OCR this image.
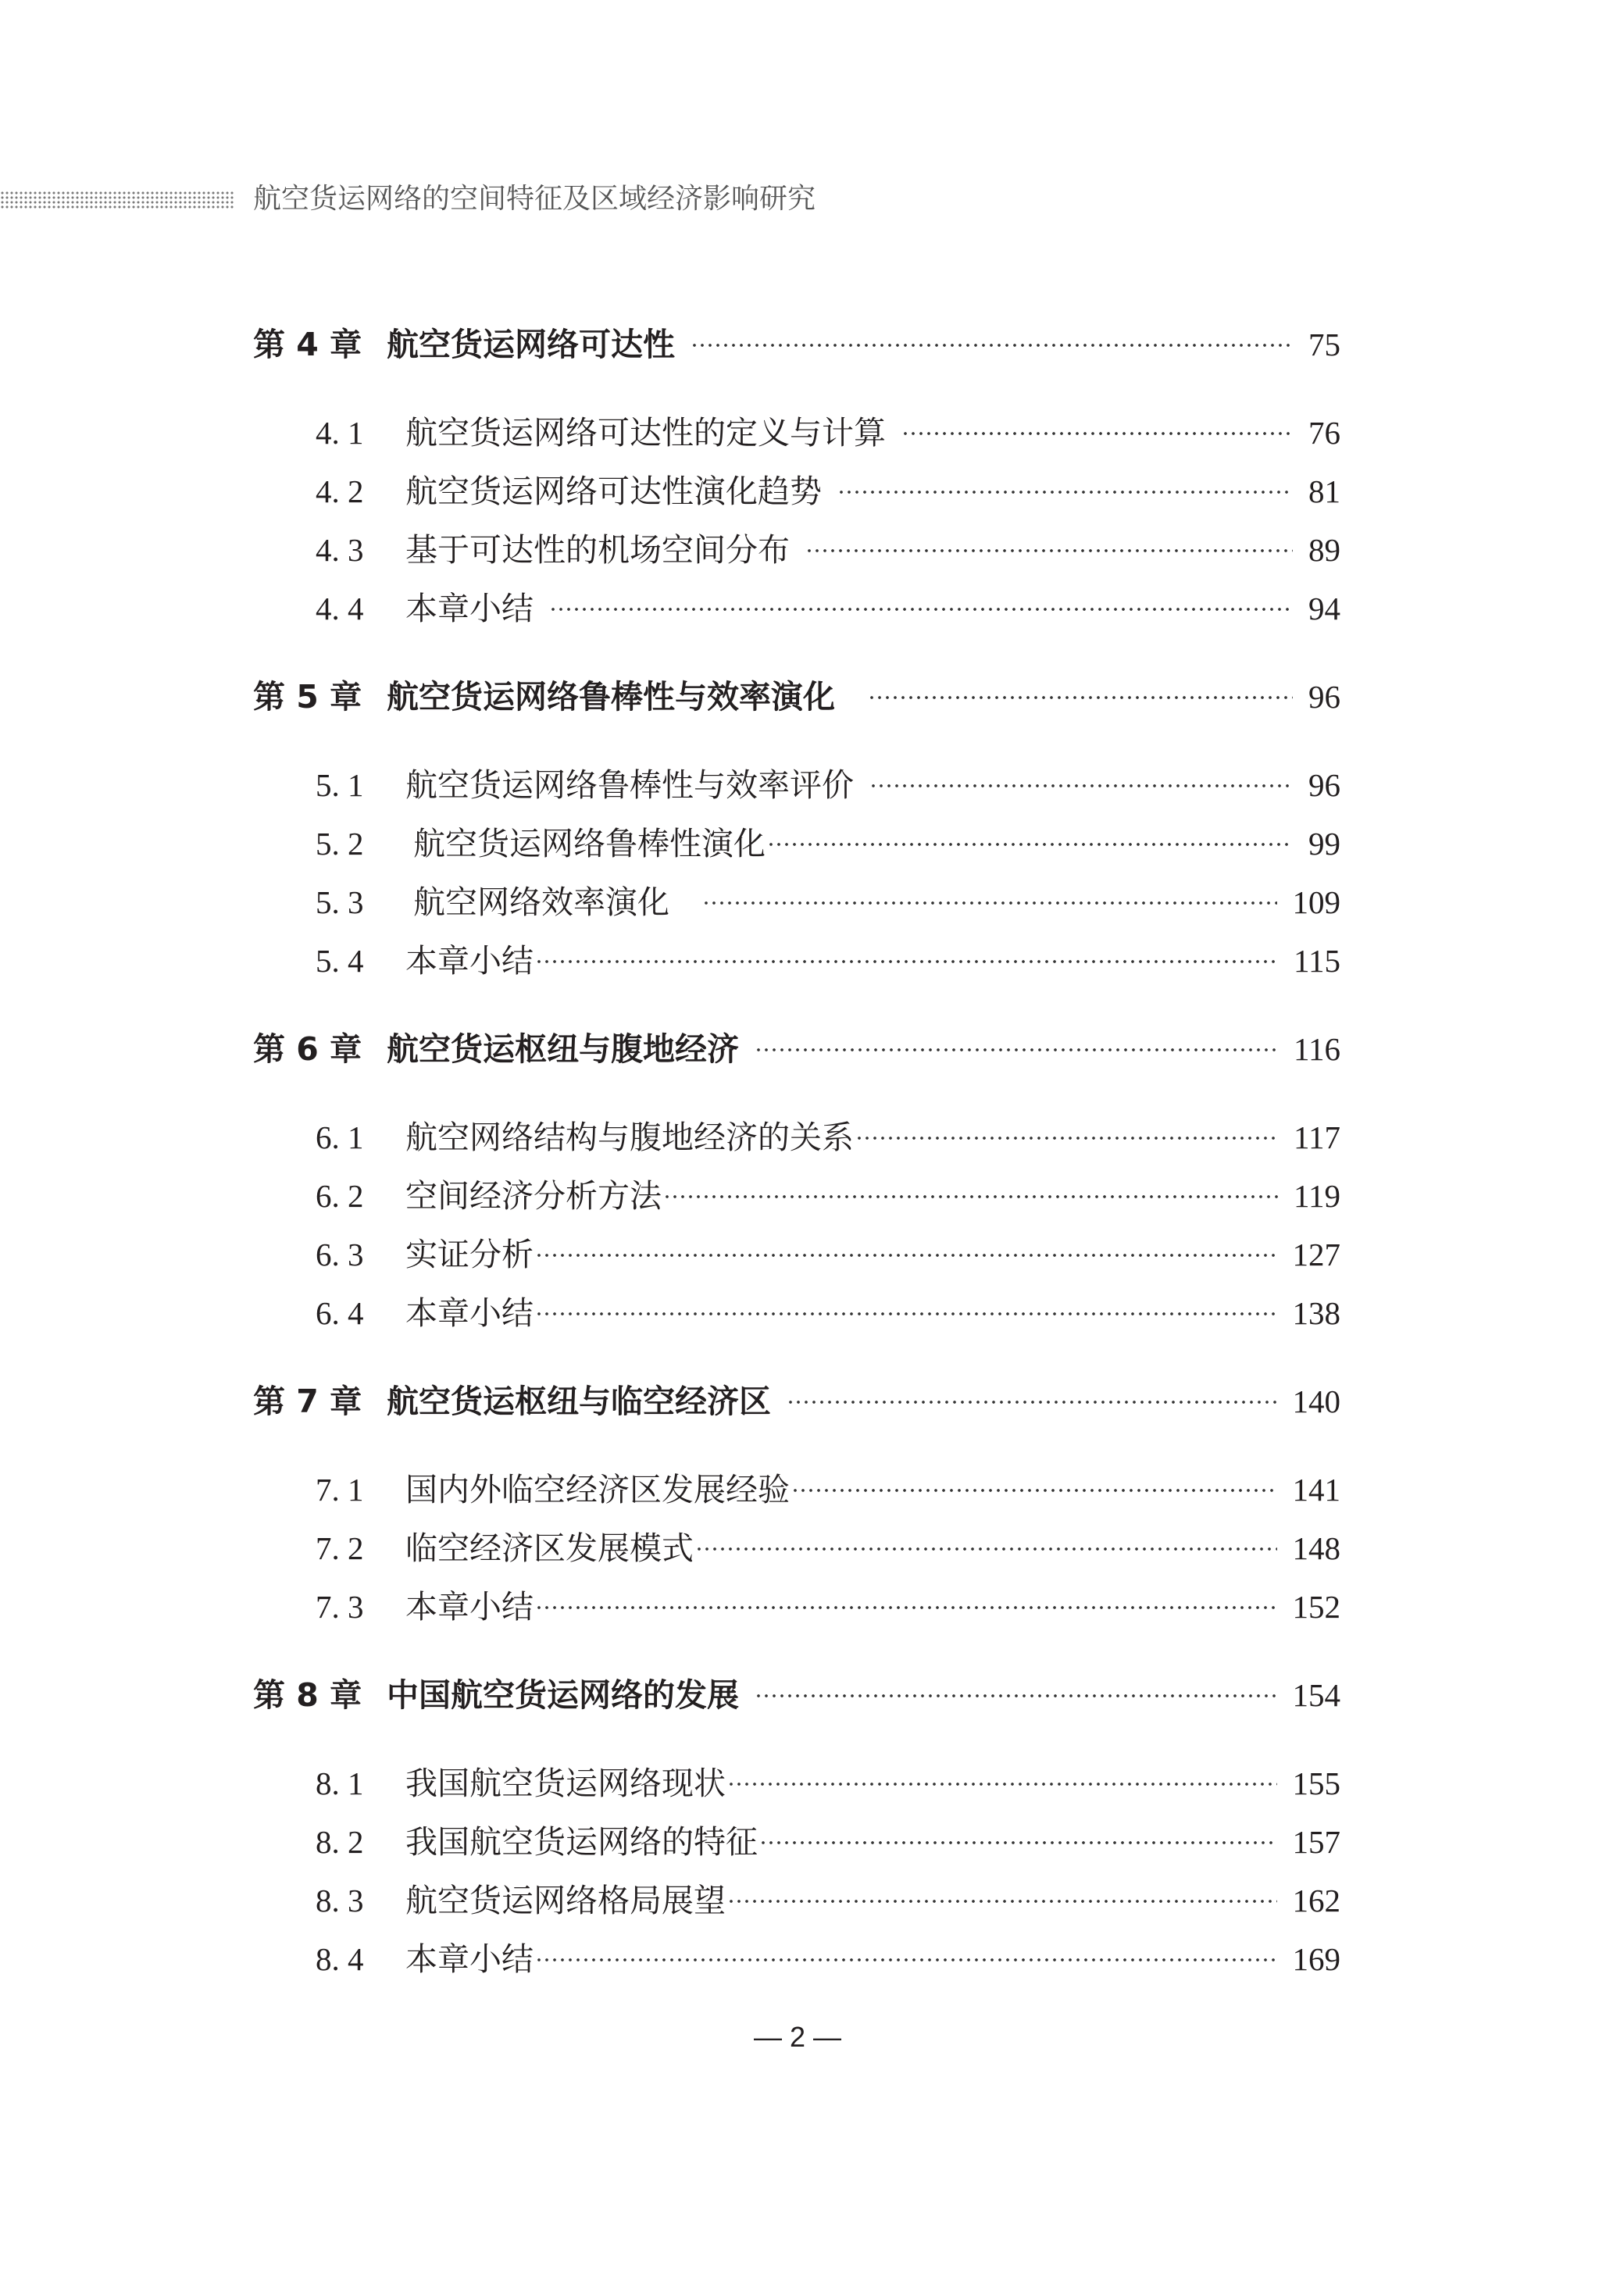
航空货运网络的空间特征及区域经济影响研究
第 4 章 航空货运网络可达性	75
4. 1	航空货运网络可达性的定义与计算	76
4. 2	航空货运网络可达性演化趋势	81
4. 3	基于可达性的机场空间分布	89
4. 4	本章小结	94
第 5 章 航空货运网络鲁棒性与效率演化	96
5. 1	航空货运网络鲁棒性与效率评价	96
5. 2	航空货运网络鲁棒性演化	99
5. 3	航空网络效率演化	109
5. 4	本章小结	115
第 6 章 航空货运枢纽与腹地经济	116
6. 1	航空网络结构与腹地经济的关系	117
6. 2	空间经济分析方法	119
6. 3	实证分析	127
6. 4	本章小结	138
第 7 章 航空货运枢纽与临空经济区	140
7. 1	国内外临空经济区发展经验	141
7. 2	临空经济区发展模式	148
7. 3	本章小结	152
第 8 章 中国航空货运网络的发展	154
8. 1	我国航空货运网络现状	155
8. 2	我国航空货运网络的特征	157
8. 3	航空货运网络格局展望	162
8. 4	本章小结	169
— 2 —
